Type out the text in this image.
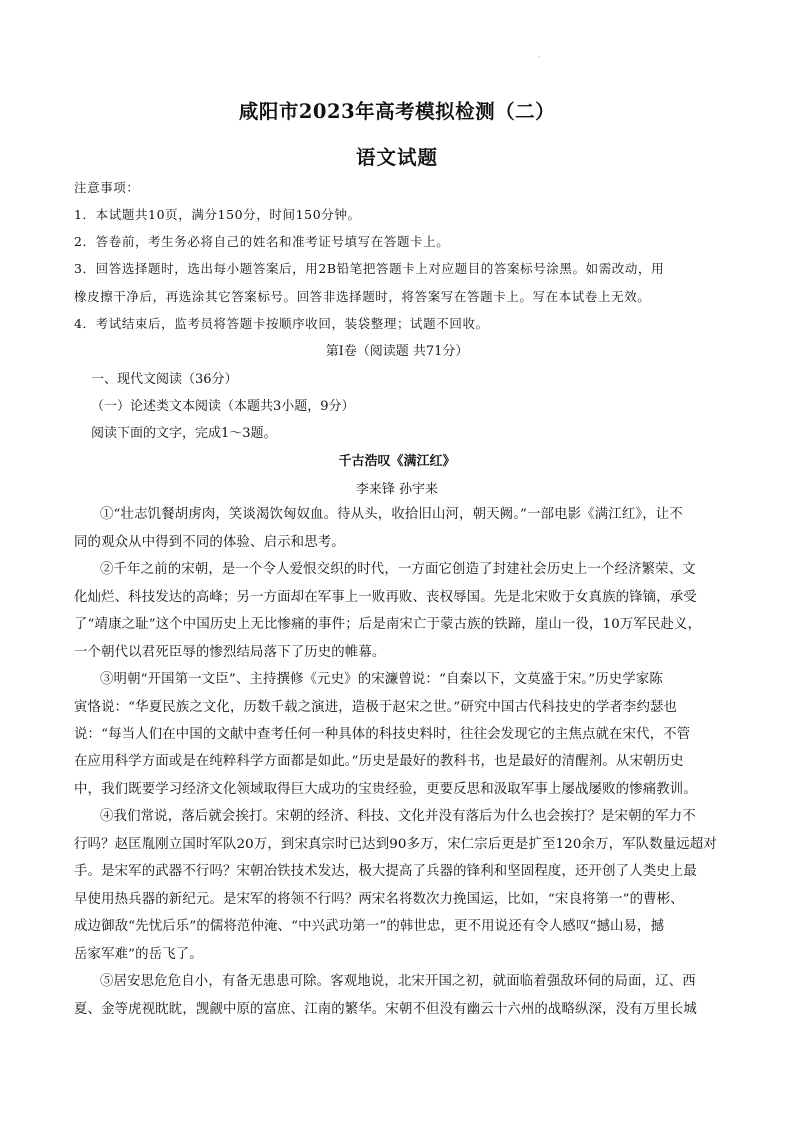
·
咸阳市2023年高考模拟检测（二）
语文试题
注意事项：
1．本试题共10页，满分150分，时间150分钟。
2．答卷前，考生务必将自己的姓名和准考证号填写在答题卡上。
3．回答选择题时，选出每小题答案后，用2B铅笔把答题卡上对应题目的答案标号涂黑。如需改动，用
橡皮擦干净后，再选涂其它答案标号。回答非选择题时，将答案写在答题卡上。写在本试卷上无效。
4．考试结束后，监考员将答题卡按顺序收回，装袋整理；试题不回收。
第I卷（阅读题 共71分）
一、现代文阅读（36分）
（一）论述类文本阅读（本题共3小题，9分）
阅读下面的文字，完成1～3题。
千古浩叹《满江红》
李来锋 孙宇来
①“壮志饥餐胡虏肉，笑谈渴饮匈奴血。待从头，收拾旧山河，朝天阙。”一部电影《满江红》，让不
同的观众从中得到不同的体验、启示和思考。
②千年之前的宋朝，是一个令人爱恨交织的时代，一方面它创造了封建社会历史上一个经济繁荣、文
化灿烂、科技发达的高峰；另一方面却在军事上一败再败、丧权辱国。先是北宋败于女真族的锋镝，承受
了“靖康之耻”这个中国历史上无比惨痛的事件；后是南宋亡于蒙古族的铁蹄，崖山一役，10万军民赴义，
一个朝代以君死臣辱的惨烈结局落下了历史的帷幕。
③明朝“开国第一文臣”、主持撰修《元史》的宋濂曾说：“自秦以下，文莫盛于宋。”历史学家陈
寅恪说：“华夏民族之文化，历数千载之演进，造极于赵宋之世。”研究中国古代科技史的学者李约瑟也
说：“每当人们在中国的文献中查考任何一种具体的科技史料时，往往会发现它的主焦点就在宋代，不管
在应用科学方面或是在纯粹科学方面都是如此。”历史是最好的教科书，也是最好的清醒剂。从宋朝历史
中，我们既要学习经济文化领域取得巨大成功的宝贵经验，更要反思和汲取军事上屡战屡败的惨痛教训。
④我们常说，落后就会挨打。宋朝的经济、科技、文化并没有落后为什么也会挨打？是宋朝的军力不
行吗？赵匡胤刚立国时军队20万，到宋真宗时已达到90多万，宋仁宗后更是扩至120余万，军队数量远超对
手。是宋军的武器不行吗？宋朝冶铁技术发达，极大提高了兵器的锋利和坚固程度，还开创了人类史上最
早使用热兵器的新纪元。是宋军的将领不行吗？两宋名将数次力挽国运，比如，“宋良将第一”的曹彬、
成边御敌“先忧后乐”的儒将范仲淹、“中兴武功第一”的韩世忠，更不用说还有令人感叹“撼山易，撼
岳家军难”的岳飞了。
⑤居安思危危自小，有备无患患可除。客观地说，北宋开国之初，就面临着强敌环伺的局面，辽、西
夏、金等虎视眈眈，觊觎中原的富庶、江南的繁华。宋朝不但没有幽云十六州的战略纵深，没有万里长城
